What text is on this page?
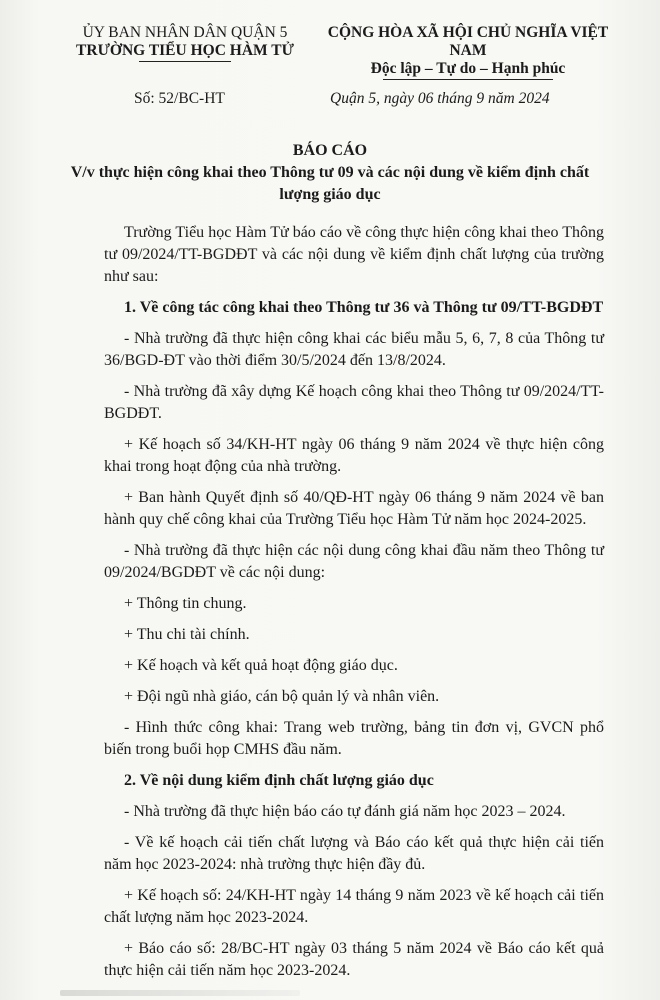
ỦY BAN NHÂN DÂN QUẬN 5
TRƯỜNG TIỂU HỌC HÀM TỬ
CỘNG HÒA XÃ HỘI CHỦ NGHĨA VIỆT NAM
Độc lập – Tự do – Hạnh phúc
Số: 52/BC-HT	Quận 5, ngày 06 tháng 9 năm 2024
BÁO CÁO
V/v thực hiện công khai theo Thông tư 09 và các nội dung về kiểm định chất lượng giáo dục

Trường Tiểu học Hàm Tử báo cáo về công thực hiện công khai theo Thông tư 09/2024/TT-BGDĐT và các nội dung về kiểm định chất lượng của trường như sau:

1. Về công tác công khai theo Thông tư 36 và Thông tư 09/TT-BGDĐT

- Nhà trường đã thực hiện công khai các biểu mẫu 5, 6, 7, 8 của Thông tư 36/BGD-ĐT vào thời điểm 30/5/2024 đến 13/8/2024.

- Nhà trường đã xây dựng Kế hoạch công khai theo Thông tư 09/2024/TT-BGDĐT.

+ Kế hoạch số 34/KH-HT ngày 06 tháng 9 năm 2024 về thực hiện công khai trong hoạt động của nhà trường.

+ Ban hành Quyết định số 40/QĐ-HT ngày 06 tháng 9 năm 2024 về ban hành quy chế công khai của Trường Tiểu học Hàm Tử năm học 2024-2025.

- Nhà trường đã thực hiện các nội dung công khai đầu năm theo Thông tư 09/2024/BGDĐT về các nội dung:

+ Thông tin chung.

+ Thu chi tài chính.

+ Kế hoạch và kết quả hoạt động giáo dục.

+ Đội ngũ nhà giáo, cán bộ quản lý và nhân viên.

- Hình thức công khai: Trang web trường, bảng tin đơn vị, GVCN phổ biến trong buổi họp CMHS đầu năm.

2. Về nội dung kiểm định chất lượng giáo dục

- Nhà trường đã thực hiện báo cáo tự đánh giá năm học 2023 – 2024.

- Về kế hoạch cải tiến chất lượng và Báo cáo kết quả thực hiện cải tiến năm học 2023-2024: nhà trường thực hiện đầy đủ.

+ Kế hoạch số: 24/KH-HT ngày 14 tháng 9 năm 2023 về kế hoạch cải tiến chất lượng năm học 2023-2024.

+ Báo cáo số: 28/BC-HT ngày 03 tháng 5 năm 2024 về Báo cáo kết quả thực hiện cải tiến năm học 2023-2024.
